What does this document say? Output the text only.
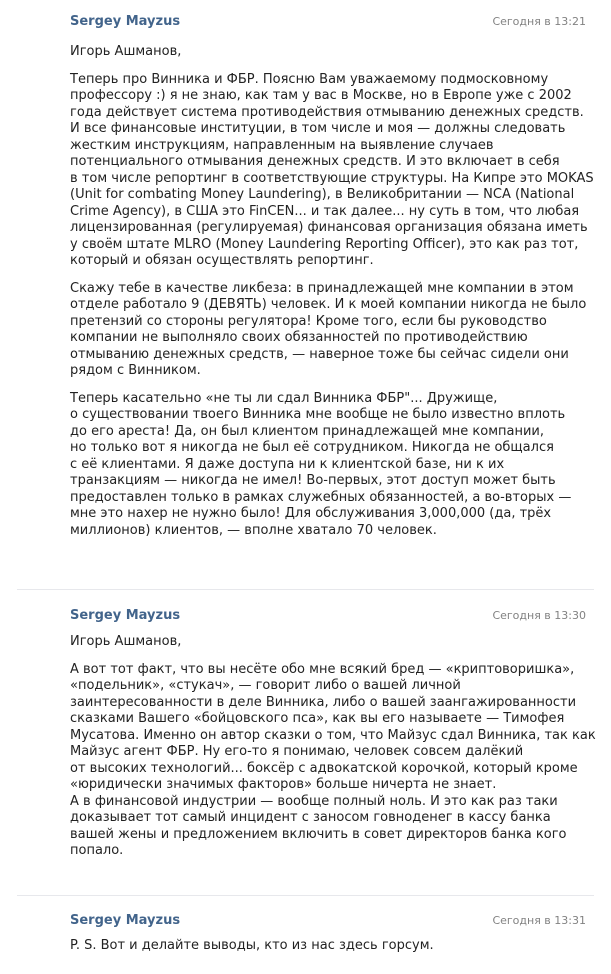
Sergey Mayzus	Сегодня в 13:21
Игорь Ашманов,
Теперь про Винника и ФБР. Поясню Вам уважаемому подмосковному
профессору :) я не знаю, как там у вас в Москве, но в Европе уже с 2002
года действует система противодействия отмыванию денежных средств.
И все финансовые институции, в том числе и моя — должны следовать
жестким инструкциям, направленным на выявление случаев
потенциального отмывания денежных средств. И это включает в себя
в том числе репортинг в соответствующие структуры. На Кипре это MOKAS
(Unit for combating Money Laundering), в Великобритании — NCA (National
Crime Agency), в США это FinCEN... и так далее... ну суть в том, что любая
лицензированная (регулируемая) финансовая организация обязана иметь
у своём штате MLRO (Money Laundering Reporting Officer), это как раз тот,
который и обязан осуществлять репортинг.
Скажу тебе в качестве ликбеза: в принадлежащей мне компании в этом
отделе работало 9 (ДЕВЯТЬ) человек. И к моей компании никогда не было
претензий со стороны регулятора! Кроме того, если бы руководство
компании не выполняло своих обязанностей по противодействию
отмыванию денежных средств, — наверное тоже бы сейчас сидели они
рядом с Винником.
Теперь касательно «не ты ли сдал Винника ФБР"... Дружище,
о существовании твоего Винника мне вообще не было известно вплоть
до его ареста! Да, он был клиентом принадлежащей мне компании,
но только вот я никогда не был её сотрудником. Никогда не общался
с её клиентами. Я даже доступа ни к клиентской базе, ни к их
транзакциям — никогда не имел! Во-первых, этот доступ может быть
предоставлен только в рамках служебных обязанностей, а во-вторых —
мне это нахер не нужно было! Для обслуживания 3,000,000 (да, трёх
миллионов) клиентов, — вполне хватало 70 человек.
Sergey Mayzus	Сегодня в 13:30
Игорь Ашманов,
А вот тот факт, что вы несёте обо мне всякий бред — «криптоворишка»,
«подельник», «стукач», — говорит либо о вашей личной
заинтересованности в деле Винника, либо о вашей заангажированности
сказками Вашего «бойцовского пса», как вы его называете — Тимофея
Мусатова. Именно он автор сказки о том, что Майзус сдал Винника, так как
Майзус агент ФБР. Ну его-то я понимаю, человек совсем далёкий
от высоких технологий... боксёр с адвокатской корочкой, который кроме
«юридически значимых факторов» больше ничерта не знает.
А в финансовой индустрии — вообще полный ноль. И это как раз таки
доказывает тот самый инцидент с заносом говноденег в кассу банка
вашей жены и предложением включить в совет директоров банка кого
попало.
Sergey Mayzus	Сегодня в 13:31
P. S. Вот и делайте выводы, кто из нас здесь горсум.
